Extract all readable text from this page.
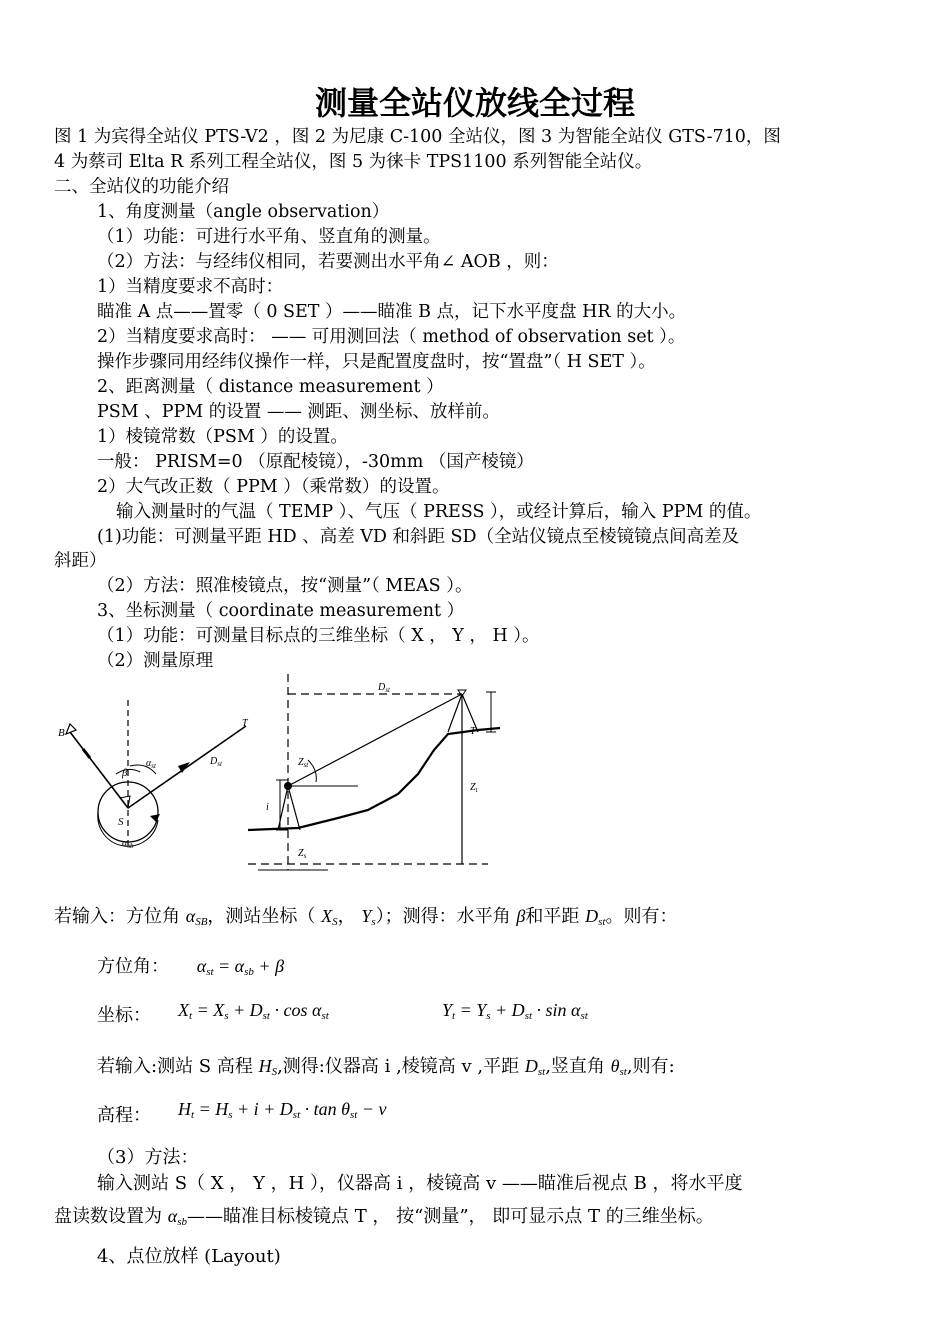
测量全站仪放线全过程
图 1 为宾得全站仪 PTS-V2 ，图 2 为尼康 C-100 全站仪，图 3 为智能全站仪 GTS-710，图
4 为蔡司 Elta R 系列工程全站仪，图 5 为徕卡 TPS1100 系列智能全站仪。
二、全站仪的功能介绍
1、角度测量（angle observation）
（1）功能：可进行水平角、竖直角的测量。
（2）方法：与经纬仪相同，若要测出水平角∠ AOB ，则：
1）当精度要求不高时：
瞄准 A 点——置零（ 0 SET ）——瞄准 B 点，记下水平度盘 HR 的大小。
2）当精度要求高时： —— 可用测回法（ method of observation set ）。
操作步骤同用经纬仪操作一样，只是配置度盘时，按“置盘”（ H SET ）。
2、距离测量（ distance measurement ）
PSM 、PPM 的设置 —— 测距、测坐标、放样前。
1）棱镜常数（PSM ）的设置。
一般： PRISM=0 （原配棱镜），-30mm （国产棱镜）
2）大气改正数（ PPM ）（乘常数）的设置。
输入测量时的气温（ TEMP ）、气压（ PRESS ），或经计算后，输入 PPM 的值。
(1)功能：可测量平距 HD 、高差 VD 和斜距 SD（全站仪镜点至棱镜镜点间高差及
斜距）
（2）方法：照准棱镜点，按“测量”（ MEAS ）。
3、坐标测量（ coordinate measurement ）
（1）功能：可测量目标点的三维坐标（ X ， Y ， H ）。
（2）测量原理
B
S
T
β
$\alpha_{st}$	$D_{st}$
$\alpha_{sb}$
$D_{st}$
$Z_{st}$
i
T
$Z_t$
$Z_s$
若输入：方位角 $\alpha_{SB}$，测站坐标（ $X_S$， $Y_s$）；测得：水平角 β和平距 $D_{st}$。则有：
方位角： $\alpha_{st} = \alpha_{sb} + \beta$
坐标： $X_t = X_s + D_{st} \cdot \cos \alpha_{st}$	$Y_t = Y_s + D_{st} \cdot \sin \alpha_{st}$
若输入:测站 S 高程 $H_S$,测得:仪器高 i ,棱镜高 v ,平距 $D_{st}$,竖直角 $\theta_{st}$,则有:
高程： $H_t = H_s + i + D_{st} \cdot \tan \theta_{st} - v$
（3）方法：
输入测站 S（ X ， Y ，H ），仪器高 i ，棱镜高 v ——瞄准后视点 B ，将水平度
盘读数设置为 $\alpha_{sb}——$瞄准目标棱镜点 T ， 按“测量”， 即可显示点 T 的三维坐标。
4、点位放样 (Layout)
